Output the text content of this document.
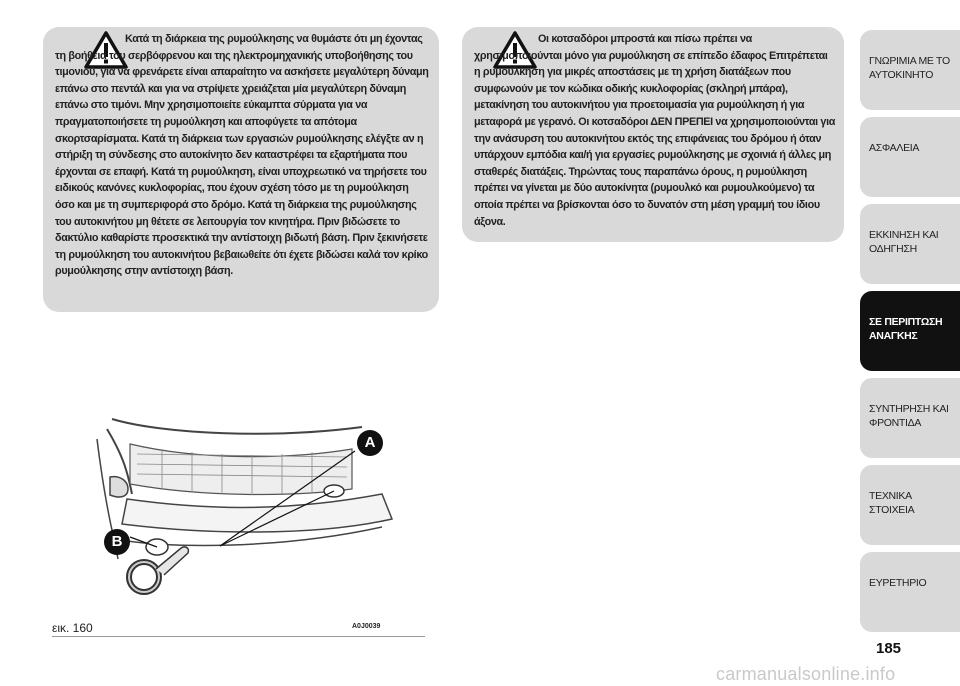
Κατά τη διάρκεια της ρυμούλκησης να θυμάστε ότι μη έχοντας τη βοήθεια του σερβόφρενου και της ηλεκτρομηχανικής υποβοήθησης του τιμονιού, για να φρενάρετε είναι απαραίτητο να ασκήσετε μεγαλύτερη δύναμη επάνω στο πεντάλ και για να στρίψετε χρειάζεται μία μεγαλύτερη δύναμη επάνω στο τιμόνι. Μην χρησιμοποιείτε εύκαμπτα σύρματα για να πραγματοποιήσετε τη ρυμούλκηση και αποφύγετε τα απότομα σκορτσαρίσματα. Κατά τη διάρκεια των εργασιών ρυμούλκησης ελέγξτε αν η στήριξη τη σύνδεσης στο αυτοκίνητο δεν καταστρέφει τα εξαρτήματα που έρχονται σε επαφή. Κατά τη ρυμούλκηση, είναι υποχρεωτικό να τηρήσετε του ειδικούς κανόνες κυκλοφορίας, που έχουν σχέση τόσο με τη ρυμούλκηση όσο και με τη συμπεριφορά στο δρόμο. Κατά τη διάρκεια της ρυμούλκησης του αυτοκινήτου μη θέτετε σε λειτουργία τον κινητήρα. Πριν βιδώσετε το δακτύλιο καθαρίστε προσεκτικά την αντίστοιχη βιδωτή βάση. Πριν ξεκινήσετε τη ρυμούλκηση του αυτοκινήτου βεβαιωθείτε ότι έχετε βιδώσει καλά τον κρίκο ρυμούλκησης στην αντίστοιχη βάση.
Οι κοτσαδόροι μπροστά και πίσω πρέπει να χρησιμοποιούνται μόνο για ρυμούλκηση σε επίπεδο έδαφος Επιτρέπεται η ρυμούλκηση για μικρές αποστάσεις με τη χρήση διατάξεων που συμφωνούν με τον κώδικα οδικής κυκλοφορίας (σκληρή μπάρα), μετακίνηση του αυτοκινήτου για προετοιμασία για ρυμούλκηση ή για μεταφορά με γερανό. Οι κοτσαδόροι ΔΕΝ ΠΡΕΠΕΙ να χρησιμοποιούνται για την ανάσυρση του αυτοκινήτου εκτός της επιφάνειας του δρόμου ή όταν υπάρχουν εμπόδια και/ή για εργασίες ρυμούλκησης με σχοινιά ή άλλες μη σταθερές διατάξεις. Τηρώντας τους παραπάνω όρους, η ρυμούλκηση πρέπει να γίνεται με δύο αυτοκίνητα (ρυμουλκό και ρυμουλκούμενο) τα οποία πρέπει να βρίσκονται όσο το δυνατόν στη μέση γραμμή του ίδιου άξονα.
A
B
εικ. 160	A0J0039
ΓΝΩΡΙΜΙΑ ΜΕ ΤΟ
ΑΥΤΟΚΙΝΗΤΟ
ΑΣΦΑΛΕΙΑ
ΕΚΚΙΝΗΣΗ ΚΑΙ
ΟΔΗΓΗΣΗ
ΣΕ ΠΕΡΙΠΤΩΣΗ
ΑΝΑΓΚΗΣ
ΣΥΝΤΗΡΗΣΗ ΚΑΙ
ΦΡΟΝΤΙΔΑ
ΤΕΧΝΙΚΑ ΣΤΟΙΧΕΙΑ
ΕΥΡΕΤΗΡΙΟ
185
carmanualsonline.info
